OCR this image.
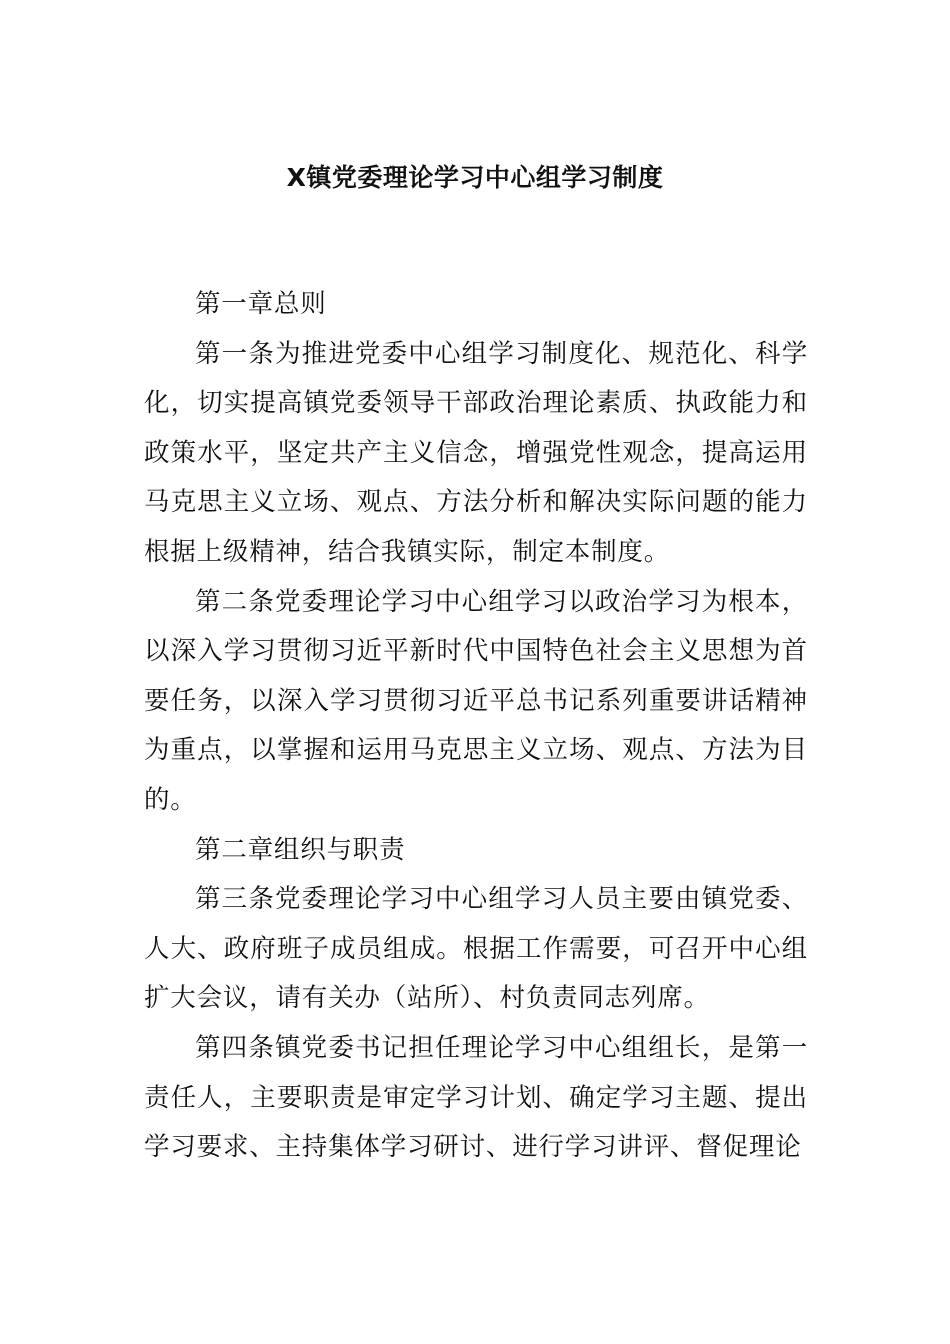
X镇党委理论学习中心组学习制度

第一章总则

第一条为推进党委中心组学习制度化、规范化、科学化，切实提高镇党委领导干部政治理论素质、执政能力和政策水平，坚定共产主义信念，增强党性观念，提高运用马克思主义立场、观点、方法分析和解决实际问题的能力根据上级精神，结合我镇实际，制定本制度。

第二条党委理论学习中心组学习以政治学习为根本，以深入学习贯彻习近平新时代中国特色社会主义思想为首要任务，以深入学习贯彻习近平总书记系列重要讲话精神为重点，以掌握和运用马克思主义立场、观点、方法为目的。

第二章组织与职责

第三条党委理论学习中心组学习人员主要由镇党委、人大、政府班子成员组成。根据工作需要，可召开中心组扩大会议，请有关办（站所）、村负责同志列席。

第四条镇党委书记担任理论学习中心组组长，是第一责任人，主要职责是审定学习计划、确定学习主题、提出学习要求、主持集体学习研讨、进行学习讲评、督促理论
